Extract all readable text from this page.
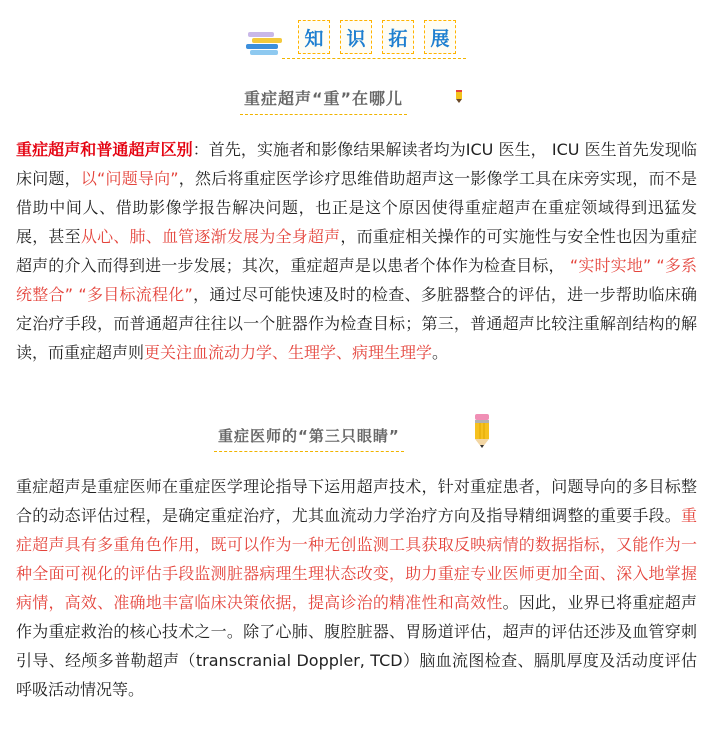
知	识	拓	展
重症超声“重”在哪儿

重症超声和普通超声区别：首先，实施者和影像结果解读者均为ICU 医生， ICU 医生首先发现临床问题，以“问题导向”，然后将重症医学诊疗思维借助超声这一影像学工具在床旁实现，而不是借助中间人、借助影像学报告解决问题，也正是这个原因使得重症超声在重症领域得到迅猛发展，甚至从心、肺、血管逐渐发展为全身超声，而重症相关操作的可实施性与安全性也因为重症超声的介入而得到进一步发展；其次，重症超声是以患者个体作为检查目标， “实时实地” “多系统整合” “多目标流程化”，通过尽可能快速及时的检查、多脏器整合的评估，进一步帮助临床确定治疗手段，而普通超声往往以一个脏器作为检查目标；第三，普通超声比较注重解剖结构的解读，而重症超声则更关注血流动力学、生理学、病理生理学。

重症医师的“第三只眼睛”

重症超声是重症医师在重症医学理论指导下运用超声技术，针对重症患者，问题导向的多目标整合的动态评估过程，是确定重症治疗，尤其血流动力学治疗方向及指导精细调整的重要手段。重症超声具有多重角色作用，既可以作为一种无创监测工具获取反映病情的数据指标，又能作为一种全面可视化的评估手段监测脏器病理生理状态改变，助力重症专业医师更加全面、深入地掌握病情，高效、准确地丰富临床决策依据，提高诊治的精准性和高效性。因此，业界已将重症超声作为重症救治的核心技术之一。除了心肺、腹腔脏器、胃肠道评估，超声的评估还涉及血管穿刺引导、经颅多普勒超声（transcranial Doppler, TCD）脑血流图检查、膈肌厚度及活动度评估呼吸活动情况等。
